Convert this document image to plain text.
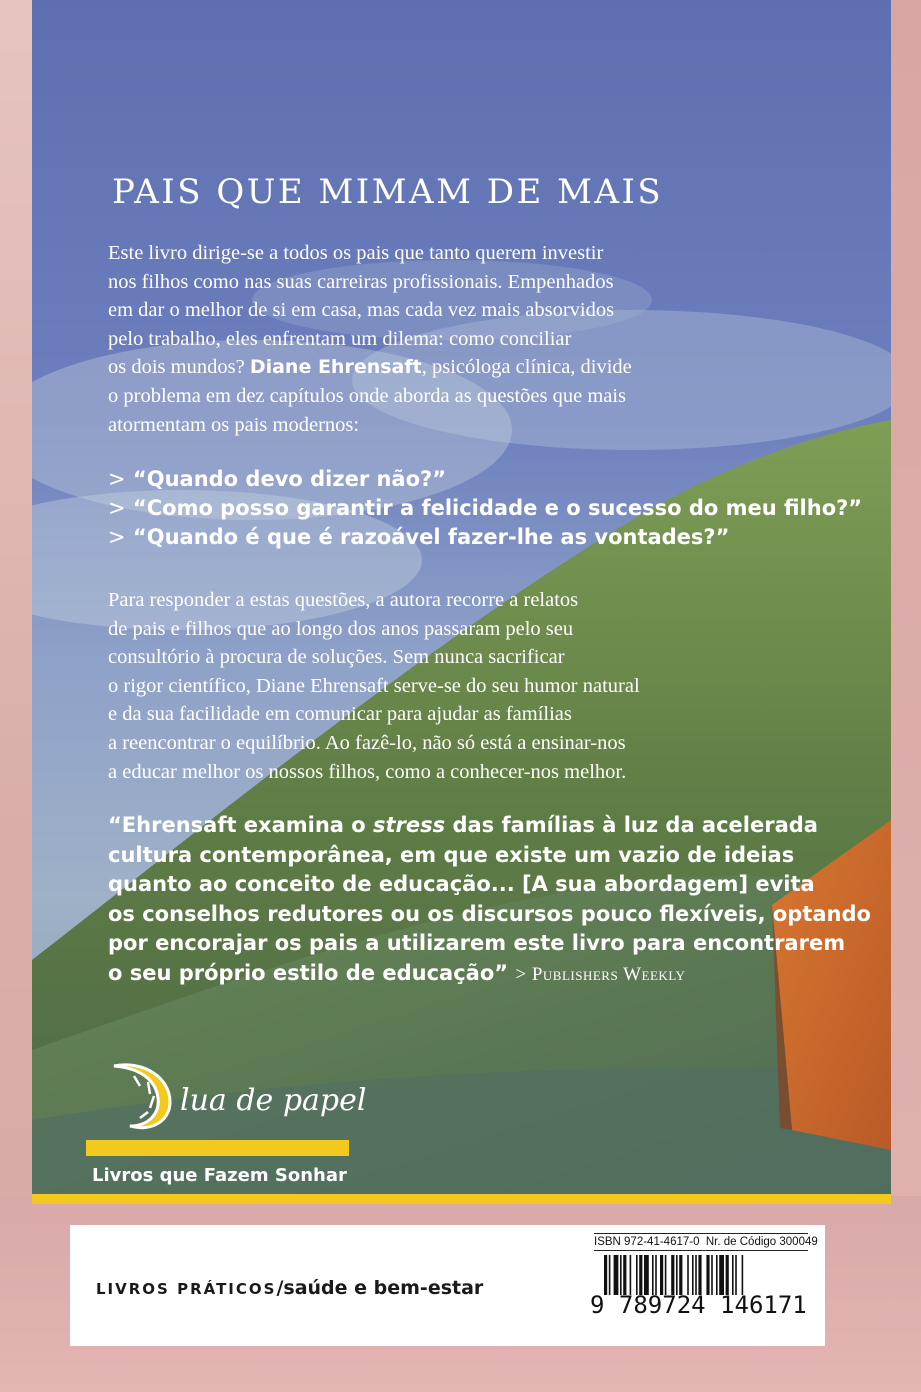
PAIS QUE MIMAM DE MAIS
Este livro dirige-se a todos os pais que tanto querem investir
nos filhos como nas suas carreiras profissionais. Empenhados
em dar o melhor de si em casa, mas cada vez mais absorvidos
pelo trabalho, eles enfrentam um dilema: como conciliar
os dois mundos? Diane Ehrensaft, psicóloga clínica, divide
o problema em dez capítulos onde aborda as questões que mais
atormentam os pais modernos:
> “Quando devo dizer não?”
> “Como posso garantir a felicidade e o sucesso do meu filho?”
> “Quando é que é razoável fazer-lhe as vontades?”
Para responder a estas questões, a autora recorre a relatos
de pais e filhos que ao longo dos anos passaram pelo seu
consultório à procura de soluções. Sem nunca sacrificar
o rigor científico, Diane Ehrensaft serve-se do seu humor natural
e da sua facilidade em comunicar para ajudar as famílias
a reencontrar o equilíbrio. Ao fazê-lo, não só está a ensinar-nos
a educar melhor os nossos filhos, como a conhecer-nos melhor.
“Ehrensaft examina o stress das famílias à luz da acelerada
cultura contemporânea, em que existe um vazio de ideias
quanto ao conceito de educação... [A sua abordagem] evita
os conselhos redutores ou os discursos pouco flexíveis, optando
por encorajar os pais a utilizarem este livro para encontrarem
o seu próprio estilo de educação” > Publishers Weekly
lua de papel
Livros que Fazem Sonhar
LIVROS PRÁTICOS/saúde e bem-estar
ISBN 972-41-4617-0 Nr. de Código 300049
9 789724 146171
